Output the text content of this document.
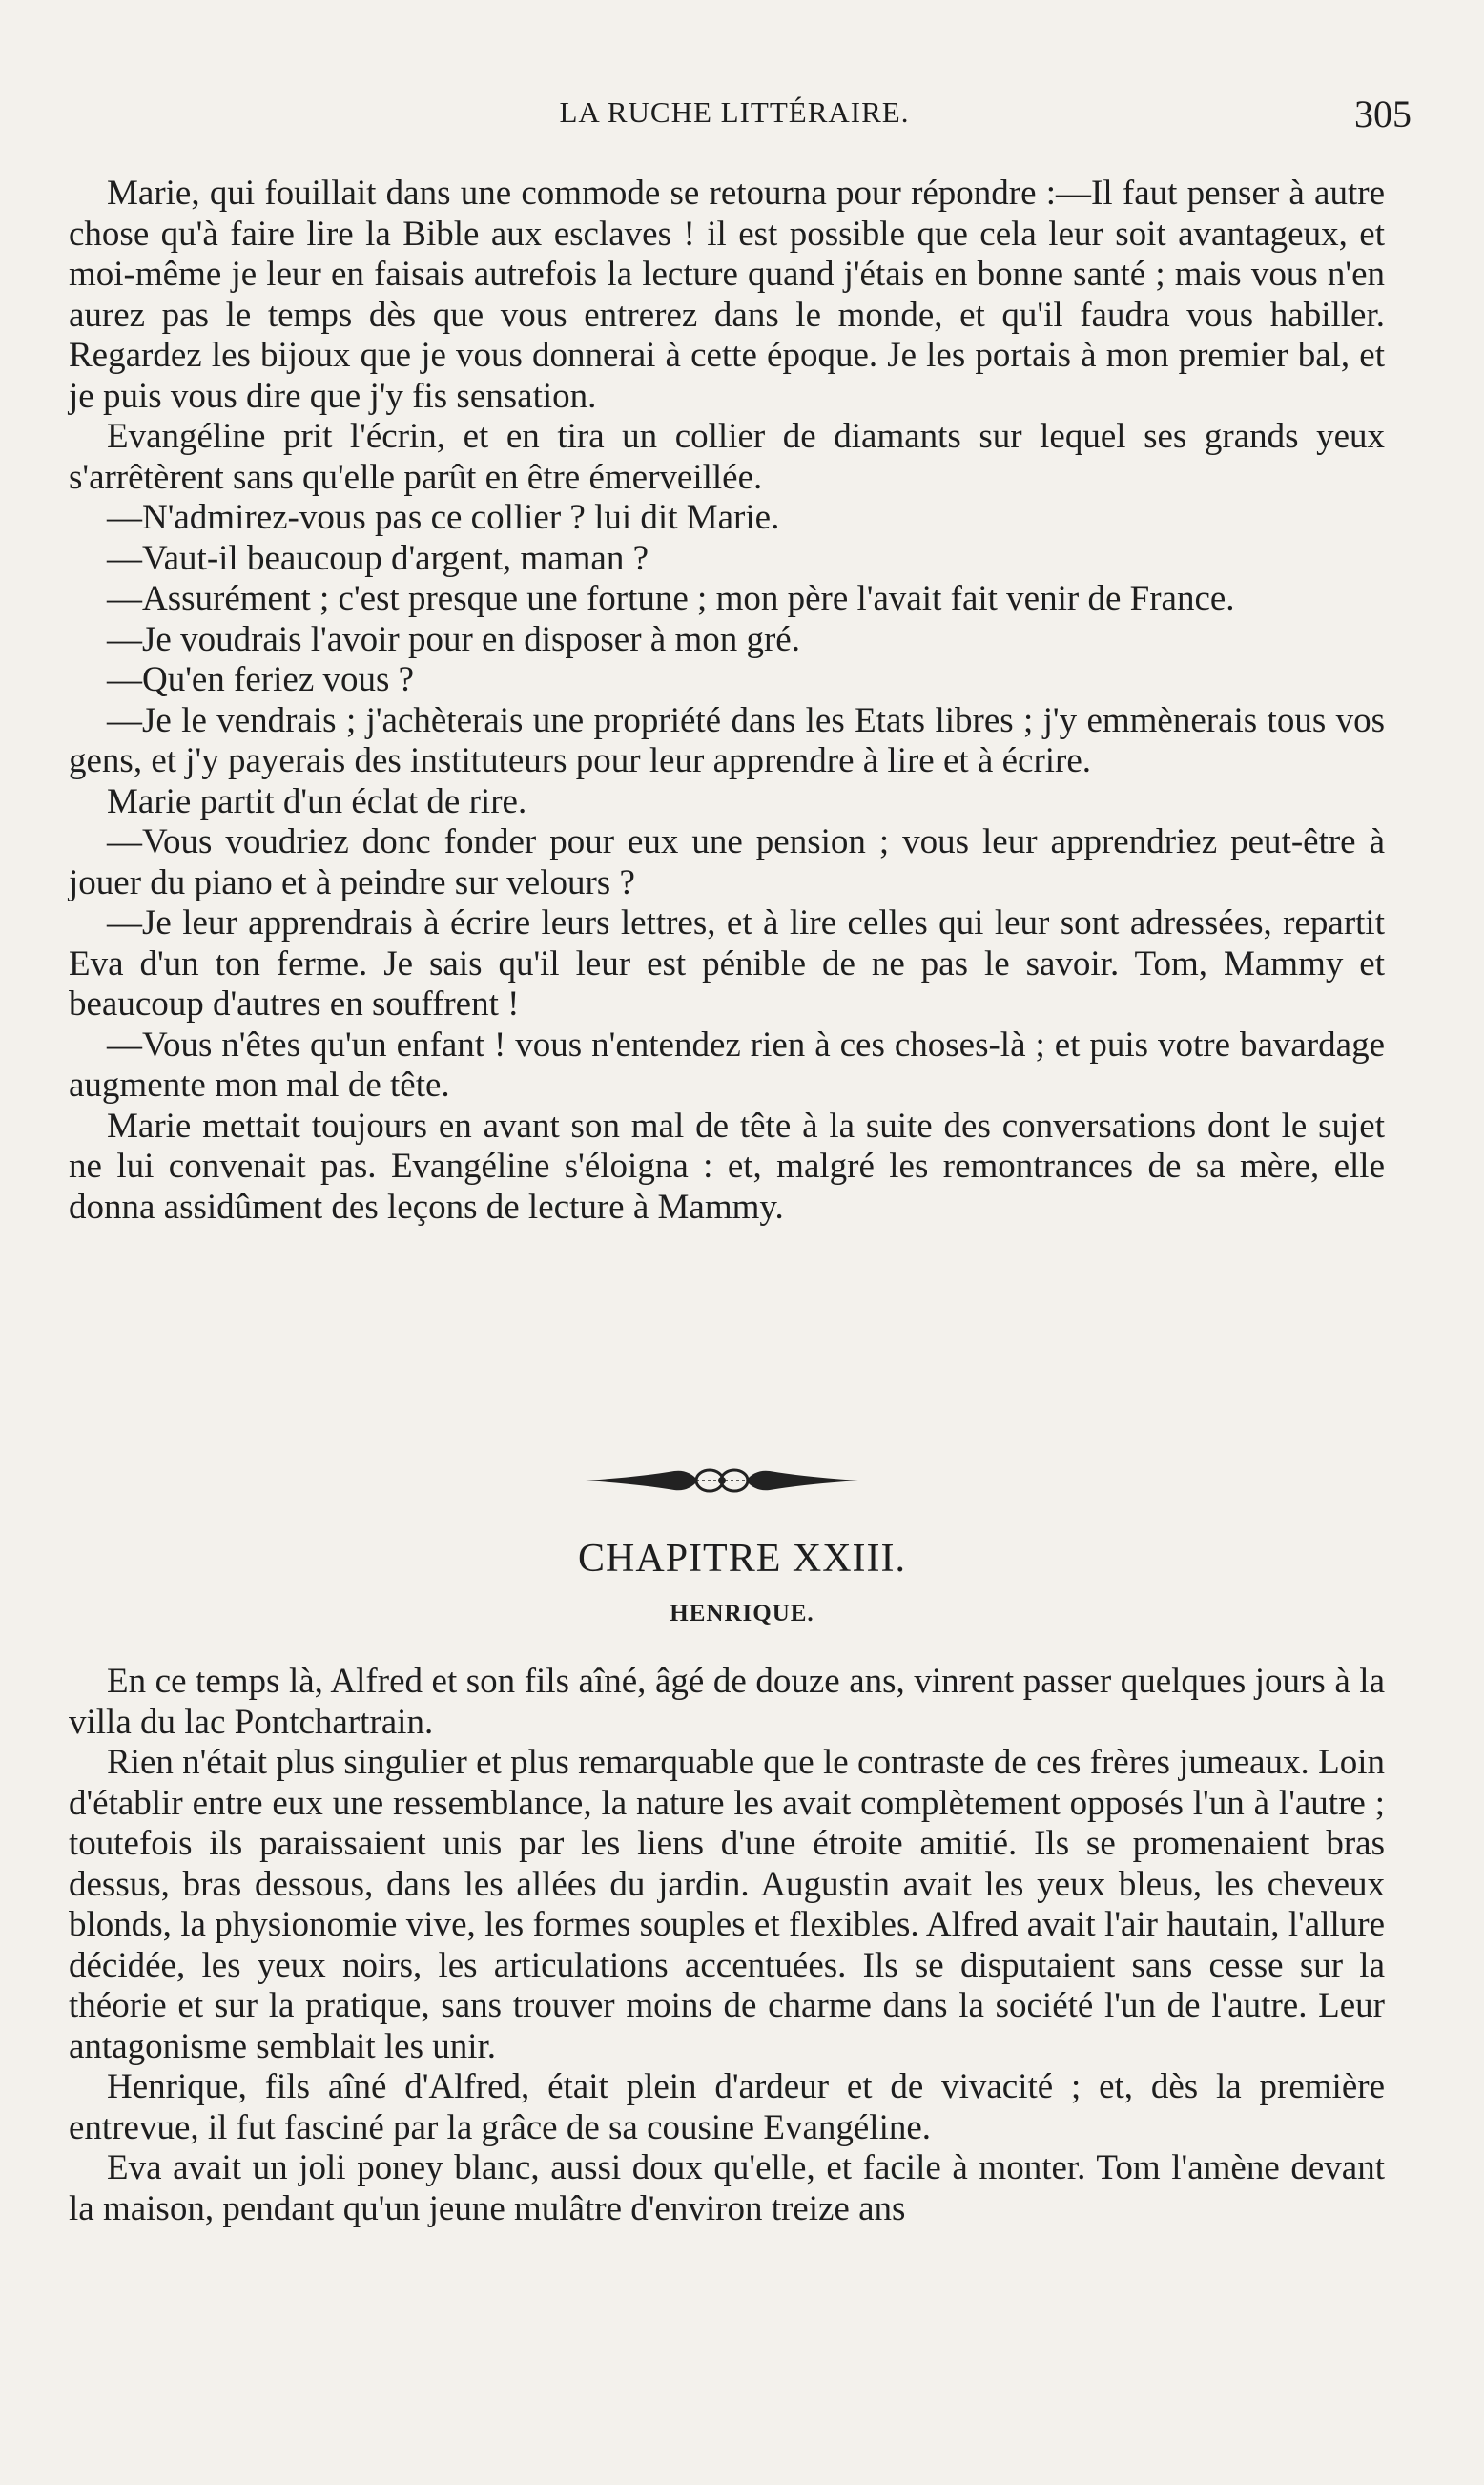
LA RUCHE LITTÉRAIRE.	305

Marie, qui fouillait dans une commode se retourna pour répondre :—Il faut penser à autre chose qu'à faire lire la Bible aux esclaves ! il est possible que cela leur soit avantageux, et moi-même je leur en faisais autrefois la lecture quand j'étais en bonne santé ; mais vous n'en aurez pas le temps dès que vous entrerez dans le monde, et qu'il faudra vous habiller. Regardez les bijoux que je vous donnerai à cette époque. Je les portais à mon premier bal, et je puis vous dire que j'y fis sensation.

Evangéline prit l'écrin, et en tira un collier de diamants sur lequel ses grands yeux s'arrêtèrent sans qu'elle parût en être émerveillée.

—N'admirez-vous pas ce collier ? lui dit Marie.

—Vaut-il beaucoup d'argent, maman ?

—Assurément ; c'est presque une fortune ; mon père l'avait fait venir de France.

—Je voudrais l'avoir pour en disposer à mon gré.

—Qu'en feriez vous ?

—Je le vendrais ; j'achèterais une propriété dans les Etats libres ; j'y emmènerais tous vos gens, et j'y payerais des instituteurs pour leur apprendre à lire et à écrire.

Marie partit d'un éclat de rire.

—Vous voudriez donc fonder pour eux une pension ; vous leur apprendriez peut-être à jouer du piano et à peindre sur velours ?

—Je leur apprendrais à écrire leurs lettres, et à lire celles qui leur sont adressées, repartit Eva d'un ton ferme. Je sais qu'il leur est pénible de ne pas le savoir. Tom, Mammy et beaucoup d'autres en souffrent !

—Vous n'êtes qu'un enfant ! vous n'entendez rien à ces choses-là ; et puis votre bavardage augmente mon mal de tête.

Marie mettait toujours en avant son mal de tête à la suite des conversations dont le sujet ne lui convenait pas. Evangéline s'éloigna : et, malgré les remontrances de sa mère, elle donna assidûment des leçons de lecture à Mammy.

CHAPITRE XXIII.
HENRIQUE.

En ce temps là, Alfred et son fils aîné, âgé de douze ans, vinrent passer quelques jours à la villa du lac Pontchartrain.

Rien n'était plus singulier et plus remarquable que le contraste de ces frères jumeaux. Loin d'établir entre eux une ressemblance, la nature les avait complètement opposés l'un à l'autre ; toutefois ils paraissaient unis par les liens d'une étroite amitié. Ils se promenaient bras dessus, bras dessous, dans les allées du jardin. Augustin avait les yeux bleus, les cheveux blonds, la physionomie vive, les formes souples et flexibles. Alfred avait l'air hautain, l'allure décidée, les yeux noirs, les articulations accentuées. Ils se disputaient sans cesse sur la théorie et sur la pratique, sans trouver moins de charme dans la société l'un de l'autre. Leur antagonisme semblait les unir.

Henrique, fils aîné d'Alfred, était plein d'ardeur et de vivacité ; et, dès la première entrevue, il fut fasciné par la grâce de sa cousine Evangéline.

Eva avait un joli poney blanc, aussi doux qu'elle, et facile à monter. Tom l'amène devant la maison, pendant qu'un jeune mulâtre d'environ treize ans
